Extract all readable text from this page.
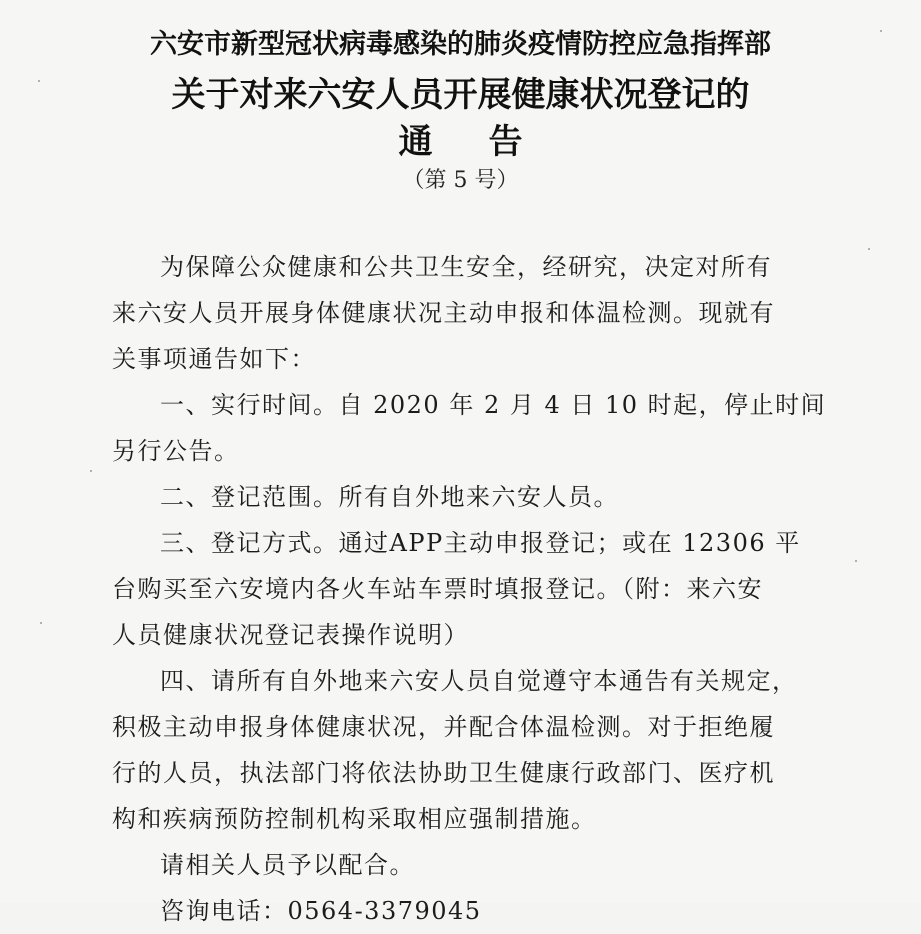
六安市新型冠状病毒感染的肺炎疫情防控应急指挥部
关于对来六安人员开展健康状况登记的
通告
（第 5 号）

为保障公众健康和公共卫生安全，经研究，决定对所有

来六安人员开展身体健康状况主动申报和体温检测。现就有

关事项通告如下：

一、实行时间。自 2020 年 2 月 4 日 10 时起，停止时间

另行公告。

二、登记范围。所有自外地来六安人员。

三、登记方式。通过APP主动申报登记；或在 12306 平

台购买至六安境内各火车站车票时填报登记。（附：来六安

人员健康状况登记表操作说明）

四、请所有自外地来六安人员自觉遵守本通告有关规定，

积极主动申报身体健康状况，并配合体温检测。对于拒绝履

行的人员，执法部门将依法协助卫生健康行政部门、医疗机

构和疾病预防控制机构采取相应强制措施。

请相关人员予以配合。

咨询电话：0564-3379045
